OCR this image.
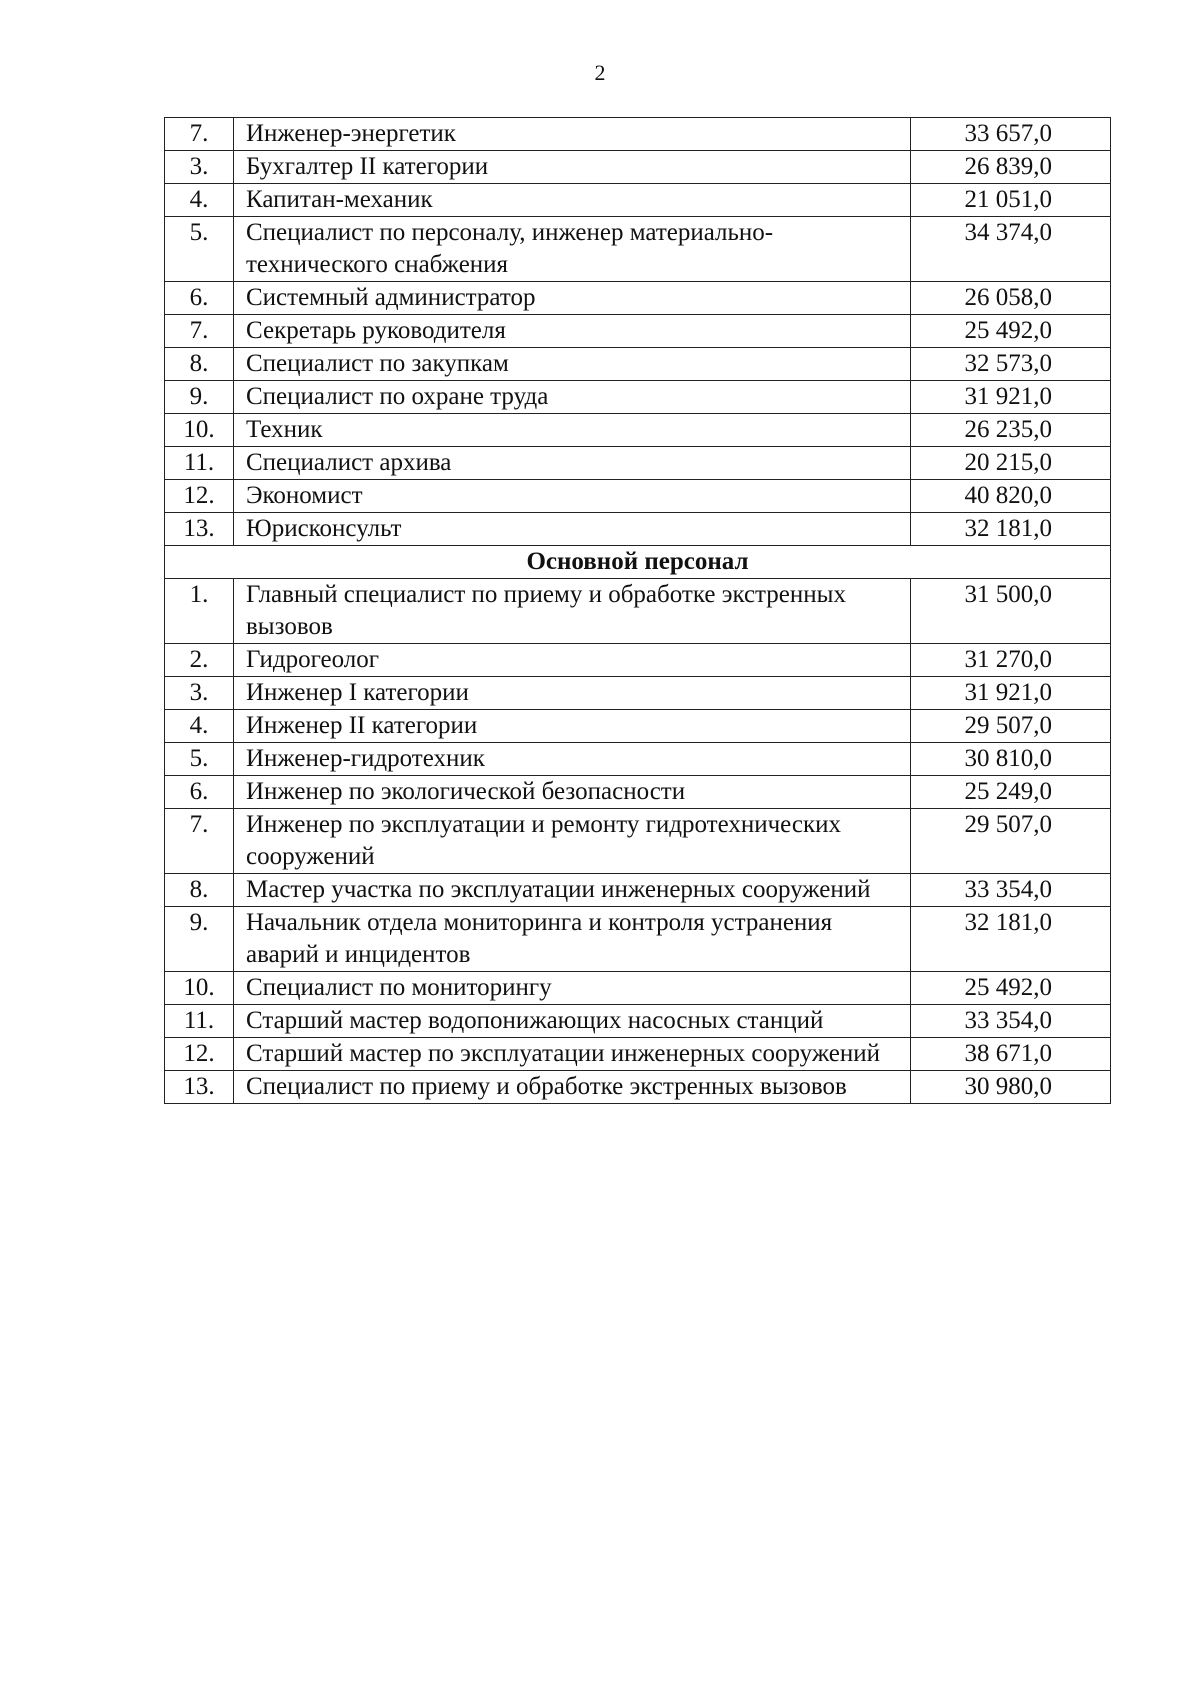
2
7.	Инженер-энергетик	33 657,0
3.	Бухгалтер II категории	26 839,0
4.	Капитан-механик	21 051,0
5.	Специалист по персоналу, инженер материально-технического снабжения	34 374,0
6.	Системный администратор	26 058,0
7.	Секретарь руководителя	25 492,0
8.	Специалист по закупкам	32 573,0
9.	Специалист по охране труда	31 921,0
10.	Техник	26 235,0
11.	Специалист архива	20 215,0
12.	Экономист	40 820,0
13.	Юрисконсульт	32 181,0
Основной персонал		
1.	Главный специалист по приему и обработке экстренных вызовов	31 500,0
2.	Гидрогеолог	31 270,0
3.	Инженер I категории	31 921,0
4.	Инженер II категории	29 507,0
5.	Инженер-гидротехник	30 810,0
6.	Инженер по экологической безопасности	25 249,0
7.	Инженер по эксплуатации и ремонту гидротехнических сооружений	29 507,0
8.	Мастер участка по эксплуатации инженерных сооружений	33 354,0
9.	Начальник отдела мониторинга и контроля устранения аварий и инцидентов	32 181,0
10.	Специалист по мониторингу	25 492,0
11.	Старший мастер водопонижающих насосных станций	33 354,0
12.	Старший мастер по эксплуатации инженерных сооружений	38 671,0
13.	Специалист по приему и обработке экстренных вызовов	30 980,0
